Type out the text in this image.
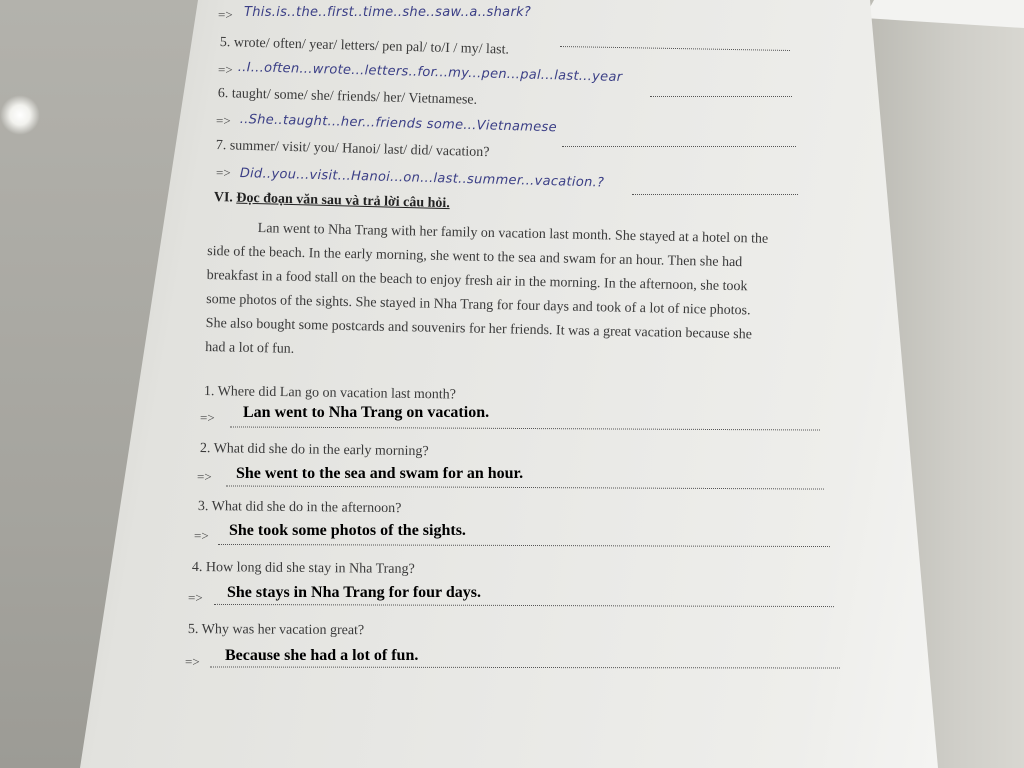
=> This.is..the..first..time..she..saw..a..shark?
5. wrote/ often/ year/ letters/ pen pal/ to/I / my/ last.
=> ..I...often...wrote...letters..for...my...pen...pal...last...year
6. taught/ some/ she/ friends/ her/ Vietnamese.
=> ..She..taught...her...friends some...Vietnamese
7. summer/ visit/ you/ Hanoi/ last/ did/ vacation?
=> Did..you...visit...Hanoi...on...last..summer...vacation.?
VI. Đọc đoạn văn sau và trả lời câu hỏi.
Lan went to Nha Trang with her family on vacation last month. She stayed at a hotel on the
side of the beach. In the early morning, she went to the sea and swam for an hour. Then she had
breakfast in a food stall on the beach to enjoy fresh air in the morning. In the afternoon, she took
some photos of the sights. She stayed in Nha Trang for four days and took of a lot of nice photos.
She also bought some postcards and souvenirs for her friends. It was a great vacation because she
had a lot of fun.
1. Where did Lan go on vacation last month?
=> Lan went to Nha Trang on vacation.
2. What did she do in the early morning?
=> She went to the sea and swam for an hour.
3. What did she do in the afternoon?
=> She took some photos of the sights.
4. How long did she stay in Nha Trang?
=> She stays in Nha Trang for four days.
5. Why was her vacation great?
=> Because she had a lot of fun.
